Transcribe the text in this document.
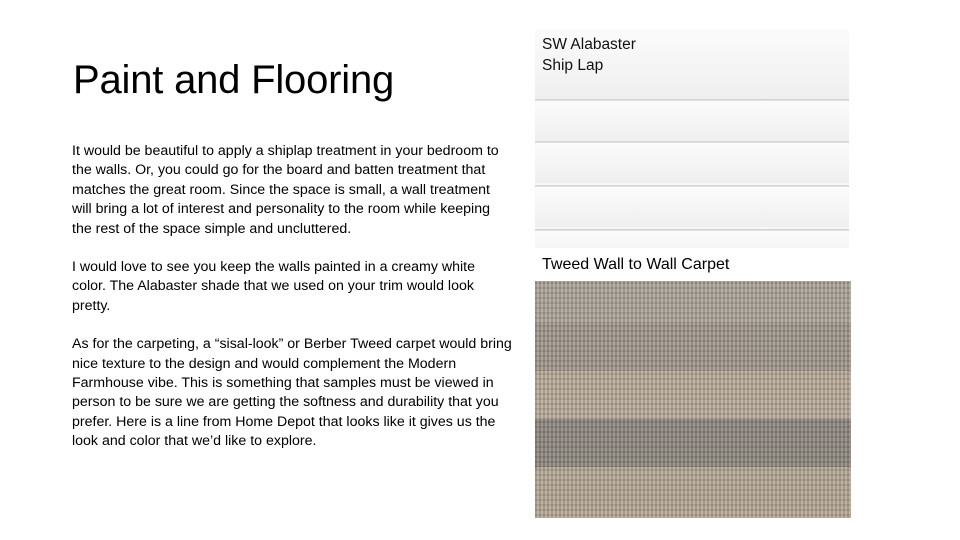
Paint and Flooring

It would be beautiful to apply a shiplap treatment in your bedroom to the walls. Or, you could go for the board and batten treatment that matches the great room. Since the space is small, a wall treatment will bring a lot of interest and personality to the room while keeping the rest of the space simple and uncluttered.

I would love to see you keep the walls painted in a creamy white color. The Alabaster shade that we used on your trim would look pretty.

As for the carpeting, a “sisal-look” or Berber Tweed carpet would bring nice texture to the design and would complement the Modern Farmhouse vibe. This is something that samples must be viewed in person to be sure we are getting the softness and durability that you prefer. Here is a line from Home Depot that looks like it gives us the look and color that we’d like to explore.

SW Alabaster
Ship Lap
Tweed Wall to Wall Carpet
